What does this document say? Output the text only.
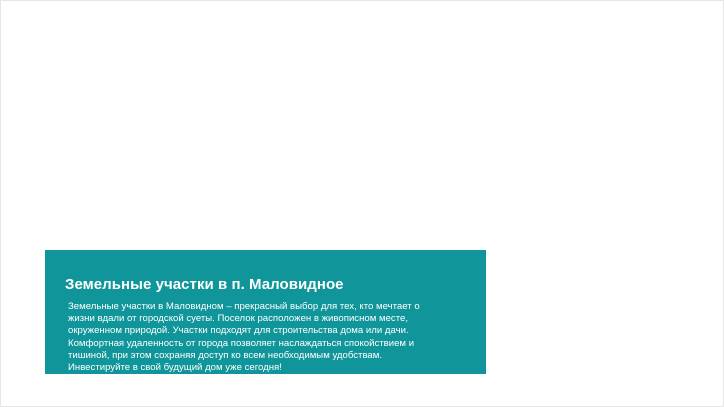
Земельные участки в п. Маловидное

Земельные участки в Маловидном – прекрасный выбор для тех, кто мечтает о
жизни вдали от городской суеты. Поселок расположен в живописном месте,
окруженном природой. Участки подходят для строительства дома или дачи.
Комфортная удаленность от города позволяет наслаждаться спокойствием и
тишиной, при этом сохраняя доступ ко всем необходимым удобствам.
Инвестируйте в свой будущий дом уже сегодня!
